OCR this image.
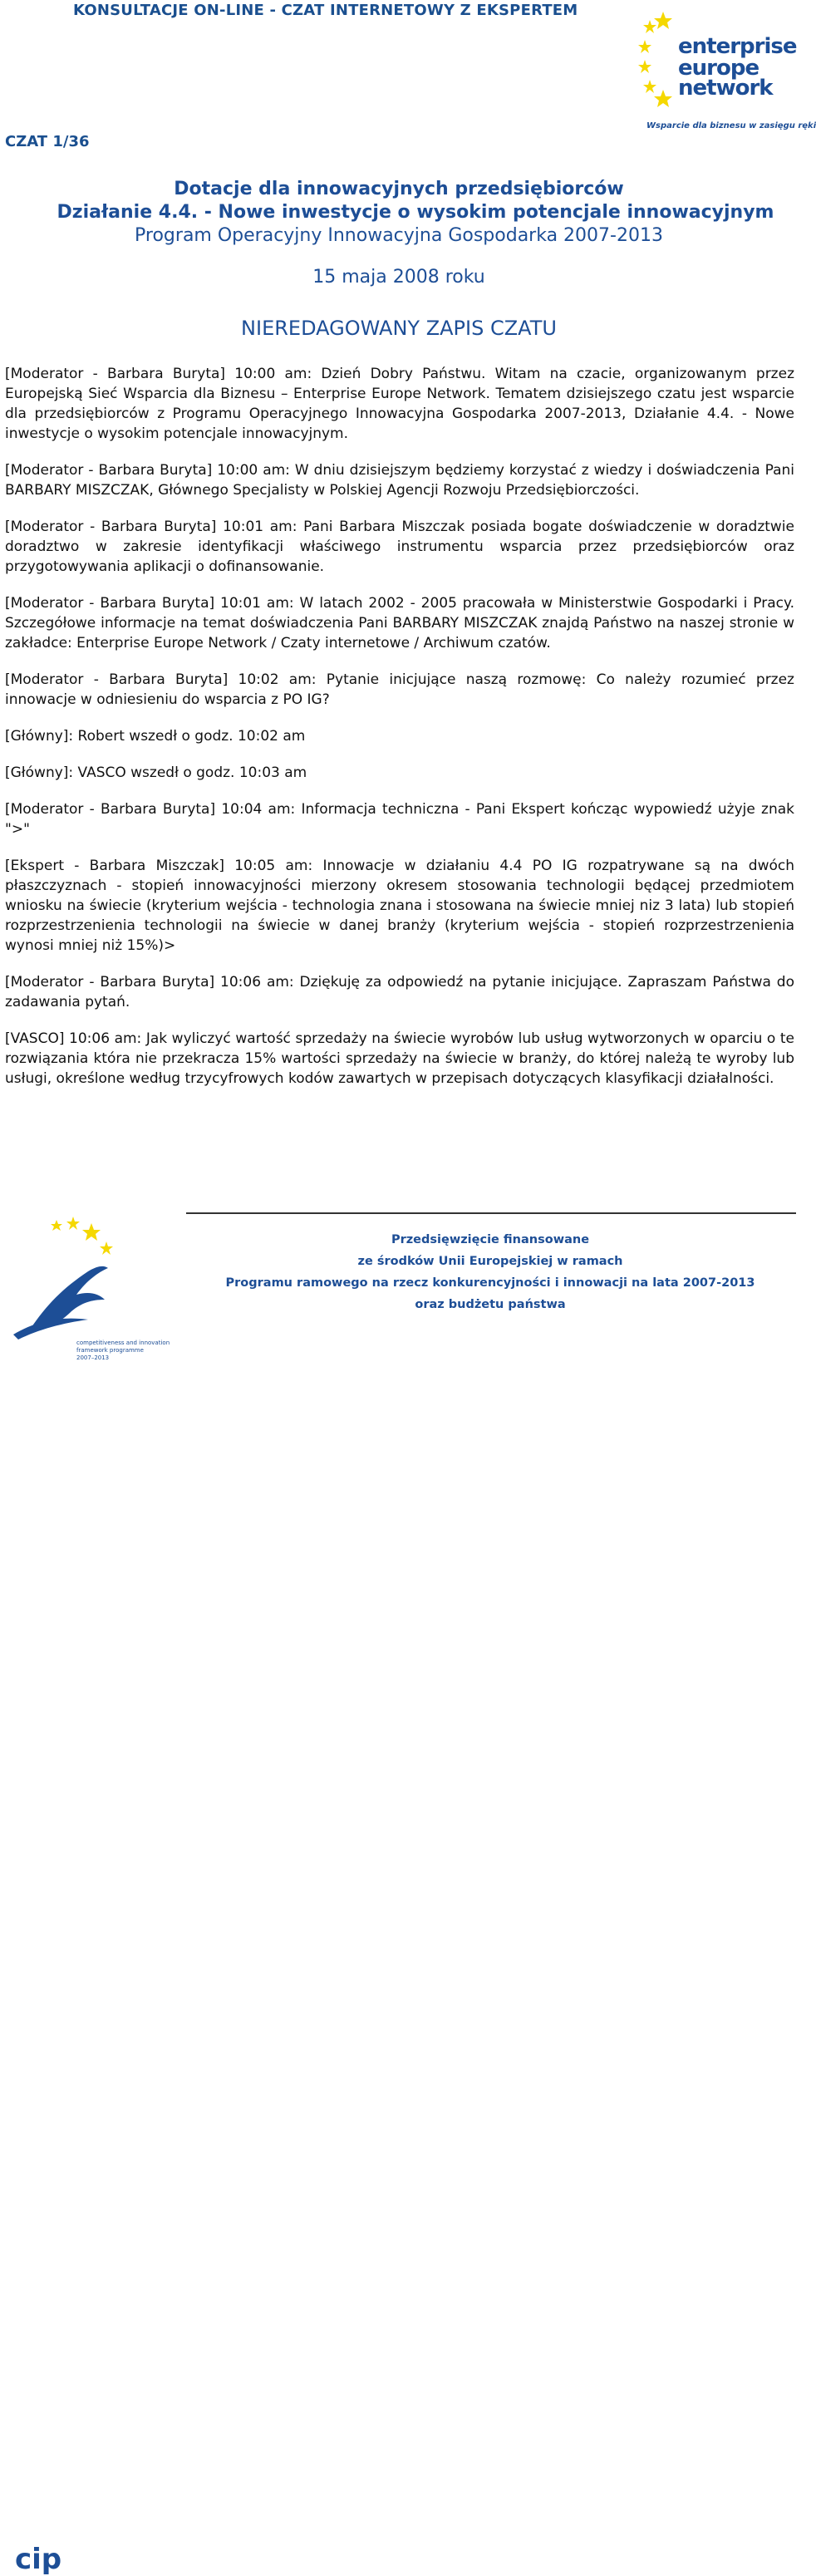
KONSULTACJE ON-LINE - CZAT INTERNETOWY Z EKSPERTEM
enterprise
europe
network
Wsparcie dla biznesu w zasięgu ręki
CZAT 1/36
Dotacje dla innowacyjnych przedsiębiorców
Działanie 4.4. - Nowe inwestycje o wysokim potencjale innowacyjnym
Program Operacyjny Innowacyjna Gospodarka 2007-2013
15 maja 2008 roku
NIEREDAGOWANY ZAPIS CZATU

[Moderator - Barbara Buryta] 10:00 am: Dzień Dobry Państwu. Witam na czacie, organizowanym przez Europejską Sieć Wsparcia dla Biznesu – Enterprise Europe Network. Tematem dzisiejszego czatu jest wsparcie dla przedsiębiorców z Programu Operacyjnego Innowacyjna Gospodarka 2007-2013, Działanie 4.4. - Nowe inwestycje o wysokim potencjale innowacyjnym.

[Moderator - Barbara Buryta] 10:00 am: W dniu dzisiejszym będziemy korzystać z wiedzy i doświadczenia Pani BARBARY MISZCZAK, Głównego Specjalisty w Polskiej Agencji Rozwoju Przedsiębiorczości.

[Moderator - Barbara Buryta] 10:01 am: Pani Barbara Miszczak posiada bogate doświadczenie w doradztwie doradztwo w zakresie identyfikacji właściwego instrumentu wsparcia przez przedsiębiorców oraz przygotowywania aplikacji o dofinansowanie.

[Moderator - Barbara Buryta] 10:01 am: W latach 2002 - 2005 pracowała w Ministerstwie Gospodarki i Pracy. Szczegółowe informacje na temat doświadczenia Pani BARBARY MISZCZAK znajdą Państwo na naszej stronie w zakładce: Enterprise Europe Network / Czaty internetowe / Archiwum czatów.

[Moderator - Barbara Buryta] 10:02 am: Pytanie inicjujące naszą rozmowę: Co należy rozumieć przez innowacje w odniesieniu do wsparcia z PO IG?

[Główny]: Robert wszedł o godz. 10:02 am

[Główny]: VASCO wszedł o godz. 10:03 am

[Moderator - Barbara Buryta] 10:04 am: Informacja techniczna - Pani Ekspert kończąc wypowiedź użyje znak ">"

[Ekspert - Barbara Miszczak] 10:05 am: Innowacje w działaniu 4.4 PO IG rozpatrywane są na dwóch płaszczyznach - stopień innowacyjności mierzony okresem stosowania technologii będącej przedmiotem wniosku na świecie (kryterium wejścia - technologia znana i stosowana na świecie mniej niz 3 lata) lub stopień rozprzestrzenienia technologii na świecie w danej branży (kryterium wejścia - stopień rozprzestrzenienia wynosi mniej niż 15%)>

[Moderator - Barbara Buryta] 10:06 am: Dziękuję za odpowiedź na pytanie inicjujące. Zapraszam Państwa do zadawania pytań.

[VASCO] 10:06 am: Jak wyliczyć wartość sprzedaży na świecie wyrobów lub usług wytworzonych w oparciu o te rozwiązania która nie przekracza 15% wartości sprzedaży na świecie w branży, do której należą te wyroby lub usługi, określone według trzycyfrowych kodów zawartych w przepisach dotyczących klasyfikacji działalności.

cip
competitiveness and innovation
framework programme
2007–2013
Przedsięwzięcie finansowane
ze środków Unii Europejskiej w ramach
Programu ramowego na rzecz konkurencyjności i innowacji na lata 2007-2013
oraz budżetu państwa
